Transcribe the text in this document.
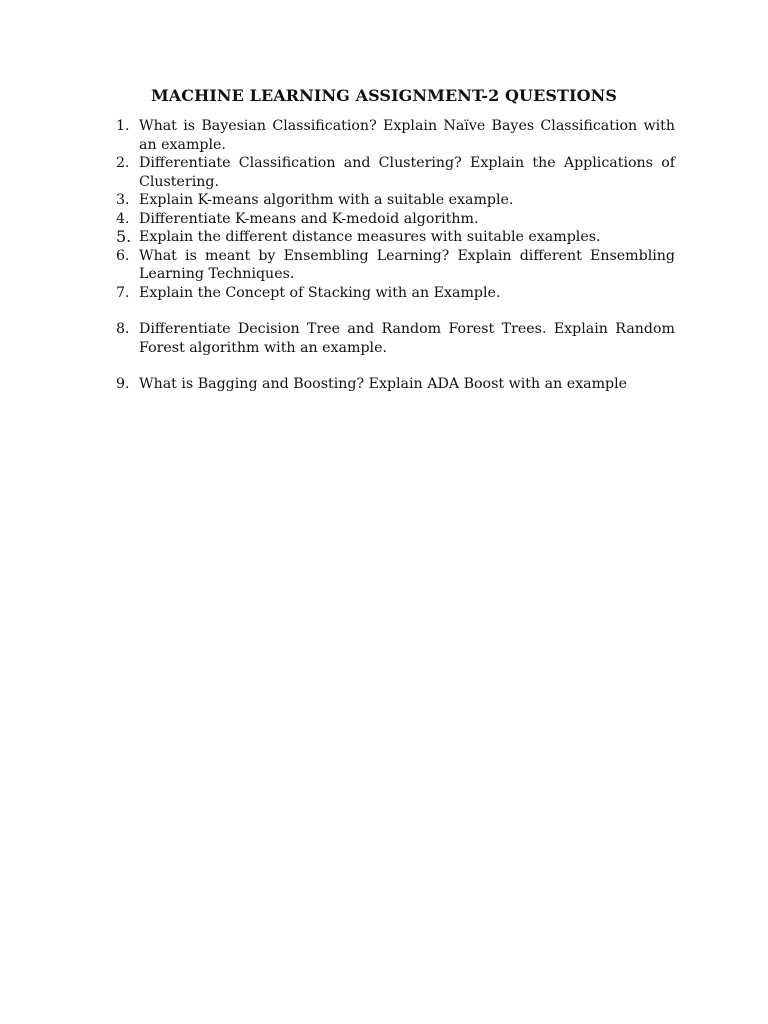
MACHINE LEARNING ASSIGNMENT-2 QUESTIONS
1. What is Bayesian Classification? Explain Naïve Bayes Classification with an example.
2. Differentiate Classification and Clustering? Explain the Applications of Clustering.
3. Explain K-means algorithm with a suitable example.
4. Differentiate K-means and K-medoid algorithm.
5. Explain the different distance measures with suitable examples.
6. What is meant by Ensembling Learning? Explain different Ensembling Learning Techniques.
7. Explain the Concept of Stacking with an Example.
8. Differentiate Decision Tree and Random Forest Trees. Explain Random Forest algorithm with an example.
9. What is Bagging and Boosting? Explain ADA Boost with an example
